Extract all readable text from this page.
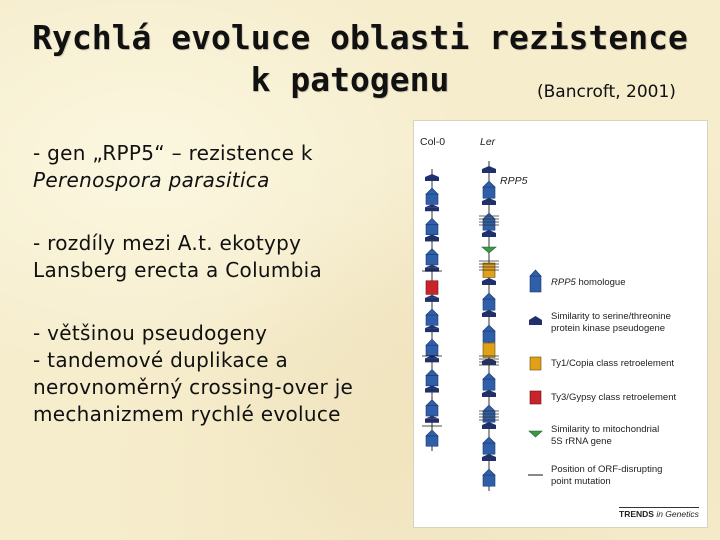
Rychlá evoluce oblasti rezistence
k patogenu	(Bancroft, 2001)
- gen „RPP5“ – rezistence k
Perenospora parasitica
- rozdíly mezi A.t. ekotypy
Lansberg erecta a Columbia
- většinou pseudogeny
- tandemové duplikace a
nerovnoměrný crossing-over je
mechanizmem rychlé evoluce
Col-0	Ler
RPP5
RPP5 homologue
Similarity to serine/threonine
protein kinase pseudogene
Ty1/Copia class retroelement
Ty3/Gypsy class retroelement
Similarity to mitochondrial
5S rRNA gene
Position of ORF-disrupting
point mutation
TRENDS in Genetics
